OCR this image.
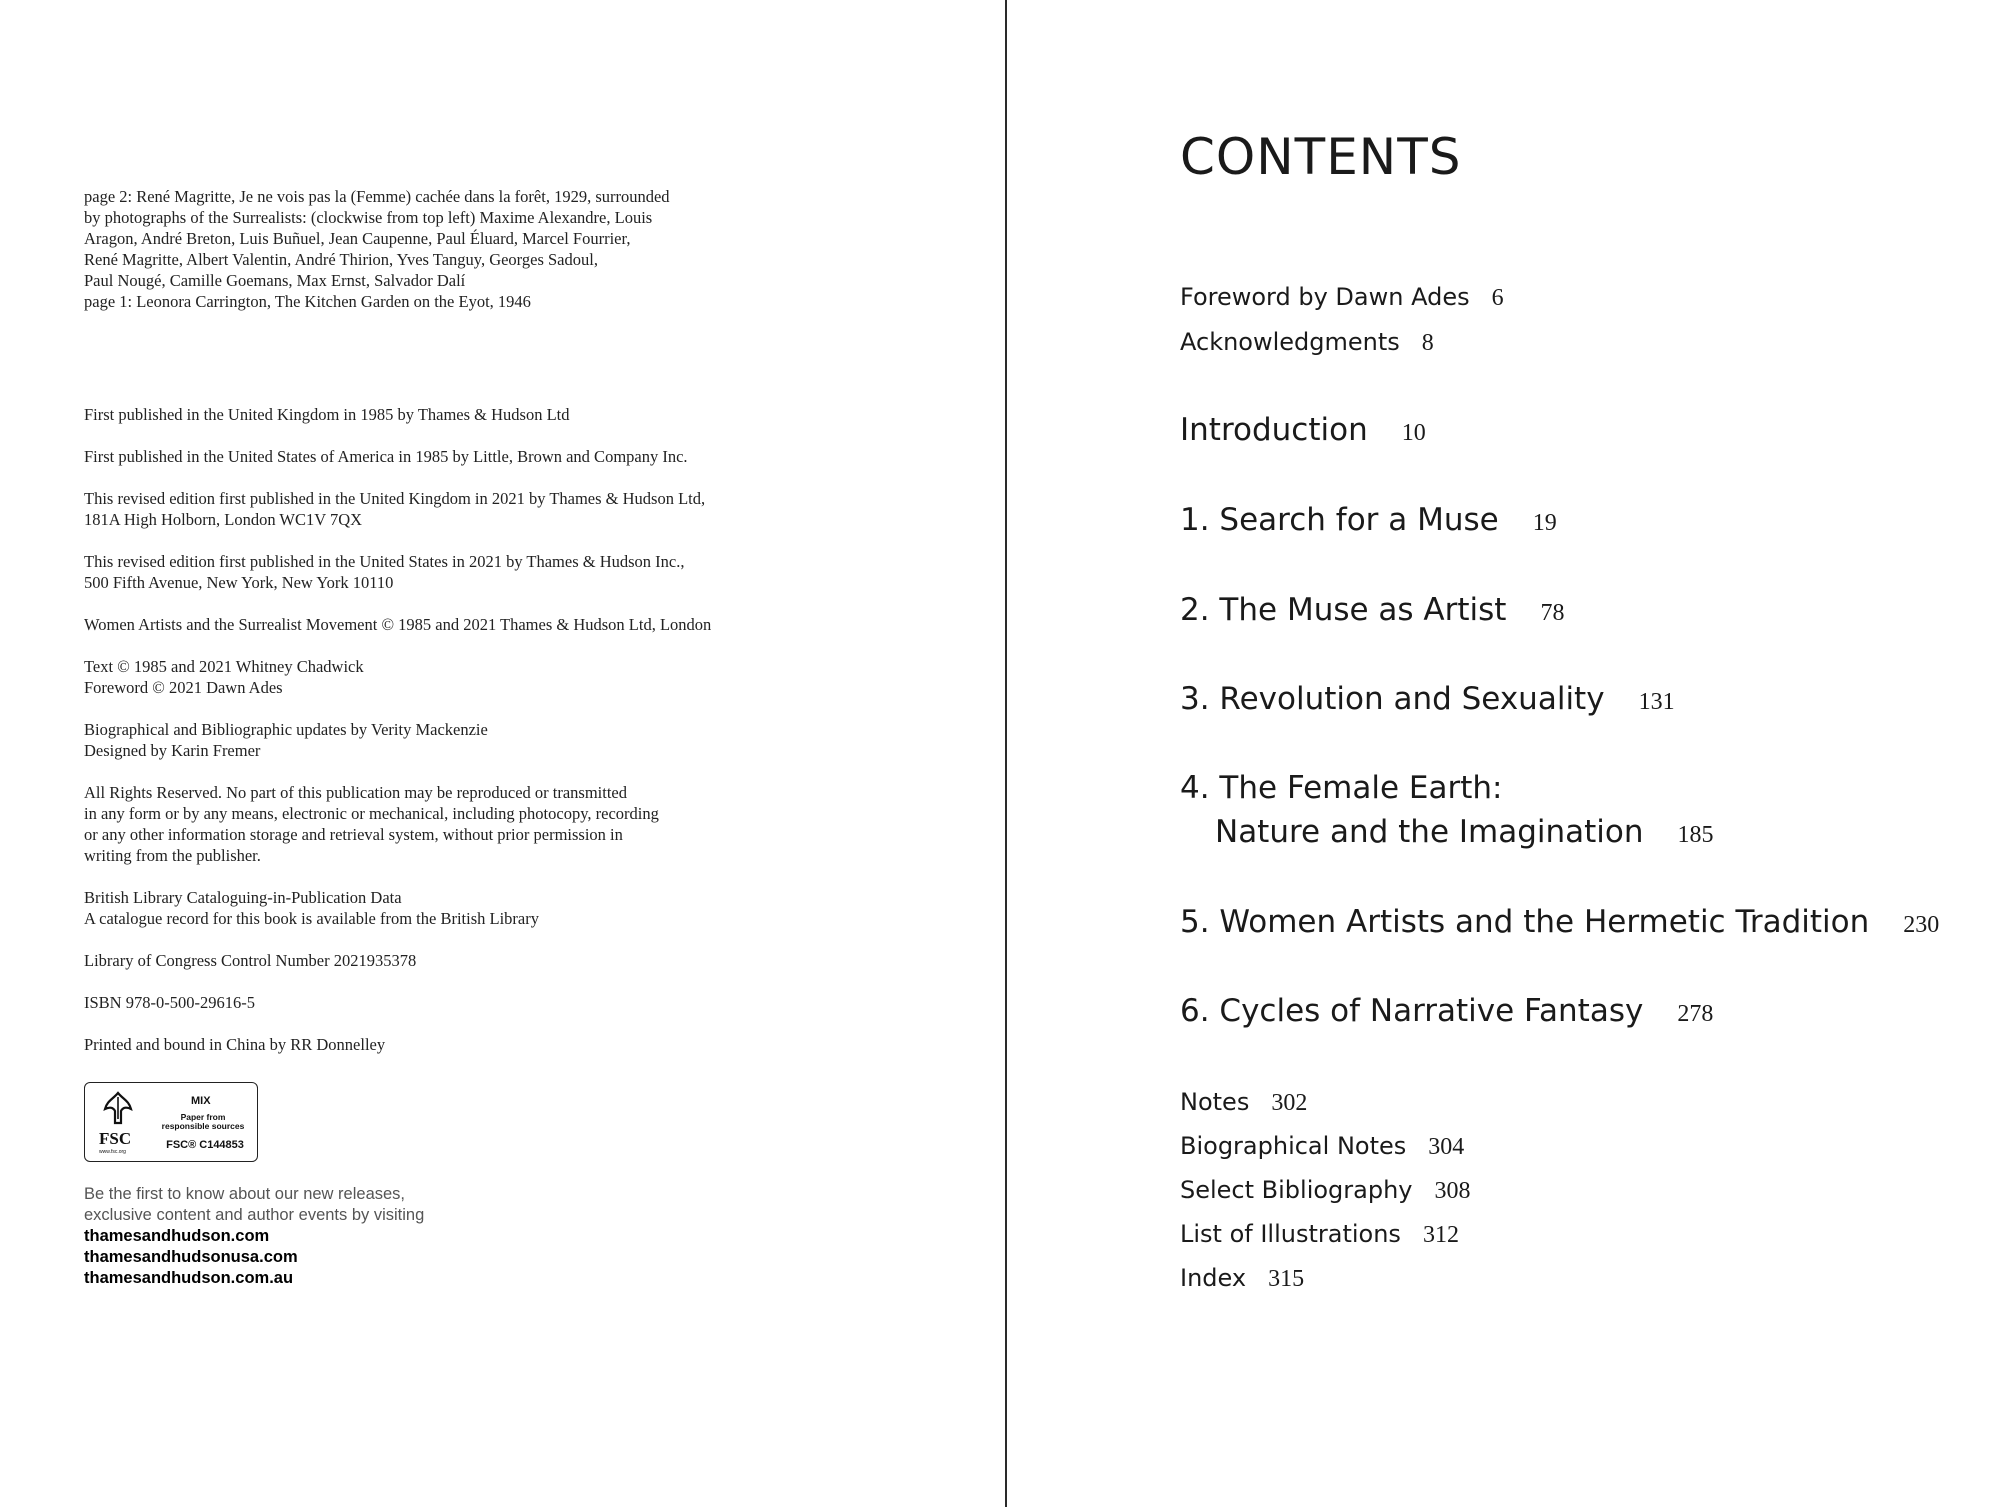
page 2: René Magritte, Je ne vois pas la (Femme) cachée dans la forêt, 1929, surrounded

by photographs of the Surrealists: (clockwise from top left) Maxime Alexandre, Louis

Aragon, André Breton, Luis Buñuel, Jean Caupenne, Paul Éluard, Marcel Fourrier,

René Magritte, Albert Valentin, André Thirion, Yves Tanguy, Georges Sadoul,

Paul Nougé, Camille Goemans, Max Ernst, Salvador Dalí

page 1: Leonora Carrington, The Kitchen Garden on the Eyot, 1946

First published in the United Kingdom in 1985 by Thames & Hudson Ltd

First published in the United States of America in 1985 by Little, Brown and Company Inc.

This revised edition first published in the United Kingdom in 2021 by Thames & Hudson Ltd,

181A High Holborn, London WC1V 7QX

This revised edition first published in the United States in 2021 by Thames & Hudson Inc.,

500 Fifth Avenue, New York, New York 10110

Women Artists and the Surrealist Movement © 1985 and 2021 Thames & Hudson Ltd, London

Text © 1985 and 2021 Whitney Chadwick

Foreword © 2021 Dawn Ades

Biographical and Bibliographic updates by Verity Mackenzie

Designed by Karin Fremer

All Rights Reserved. No part of this publication may be reproduced or transmitted

in any form or by any means, electronic or mechanical, including photocopy, recording

or any other information storage and retrieval system, without prior permission in

writing from the publisher.

British Library Cataloguing-in-Publication Data

A catalogue record for this book is available from the British Library

Library of Congress Control Number 2021935378

ISBN 978-0-500-29616-5

Printed and bound in China by RR Donnelley

FSC
www.fsc.org
MIX
Paper from
responsible sources
FSC® C144853

Be the first to know about our new releases,

exclusive content and author events by visiting

thamesandhudson.com

thamesandhudsonusa.com

thamesandhudson.com.au

CONTENTS
Foreword by Dawn Ades 6
Acknowledgments 8
Introduction 10
1. Search for a Muse 19
2. The Muse as Artist 78
3. Revolution and Sexuality 131
4. The Female Earth:
Nature and the Imagination 185
5. Women Artists and the Hermetic Tradition 230
6. Cycles of Narrative Fantasy 278
Notes 302
Biographical Notes 304
Select Bibliography 308
List of Illustrations 312
Index 315
